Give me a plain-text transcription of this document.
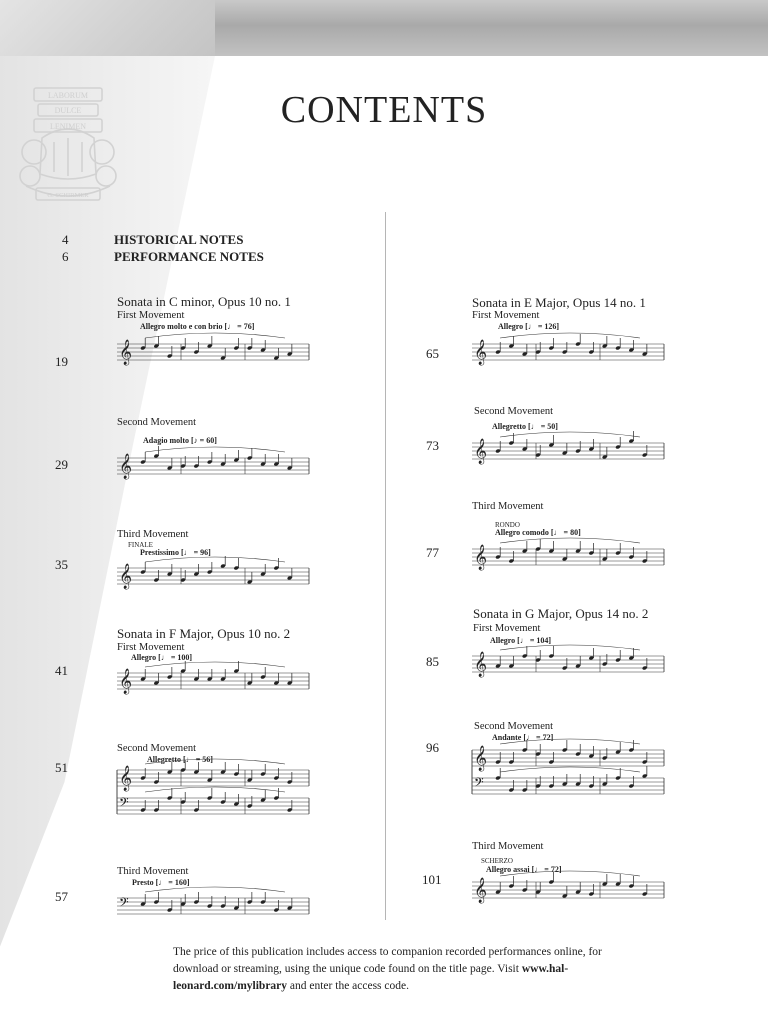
LABORUM
DULCE
LENIMEN
G. SCHIRMER
CONTENTS
4	HISTORICAL NOTES
6	PERFORMANCE NOTES
Sonata in C minor, Opus 10 no. 1
First Movement
Allegro molto e con brio [♩ = 76]
19 𝄞
Second Movement
Adagio molto [♪ = 60]
29 𝄞
Third Movement
FINALE
Prestissimo [♩ = 96]
35 𝄞
Sonata in F Major, Opus 10 no. 2
First Movement
Allegro [♩ = 100]
41 𝄞
Second Movement
Allegretto [♩ = 56]
51 𝄞
𝄢
Third Movement
Presto [♩ = 160]
57	𝄢
Sonata in E Major, Opus 14 no. 1
First Movement
Allegro [♩ = 126]
65 𝄞
Second Movement
Allegretto [♩ = 50]
73 𝄞
Third Movement
RONDO
Allegro comodo [♩ = 80]
77 𝄞
Sonata in G Major, Opus 14 no. 2
First Movement
Allegro [♩ = 104]
85 𝄞
Second Movement
Andante [♩ = 72]
96 𝄞
𝄢
Third Movement
SCHERZO
Allegro assai [♩ = 72]
101 𝄞
The price of this publication includes access to companion recorded performances online, for download or streaming, using the unique code found on the title page. Visit www.hal-leonard.com/mylibrary and enter the access code.
